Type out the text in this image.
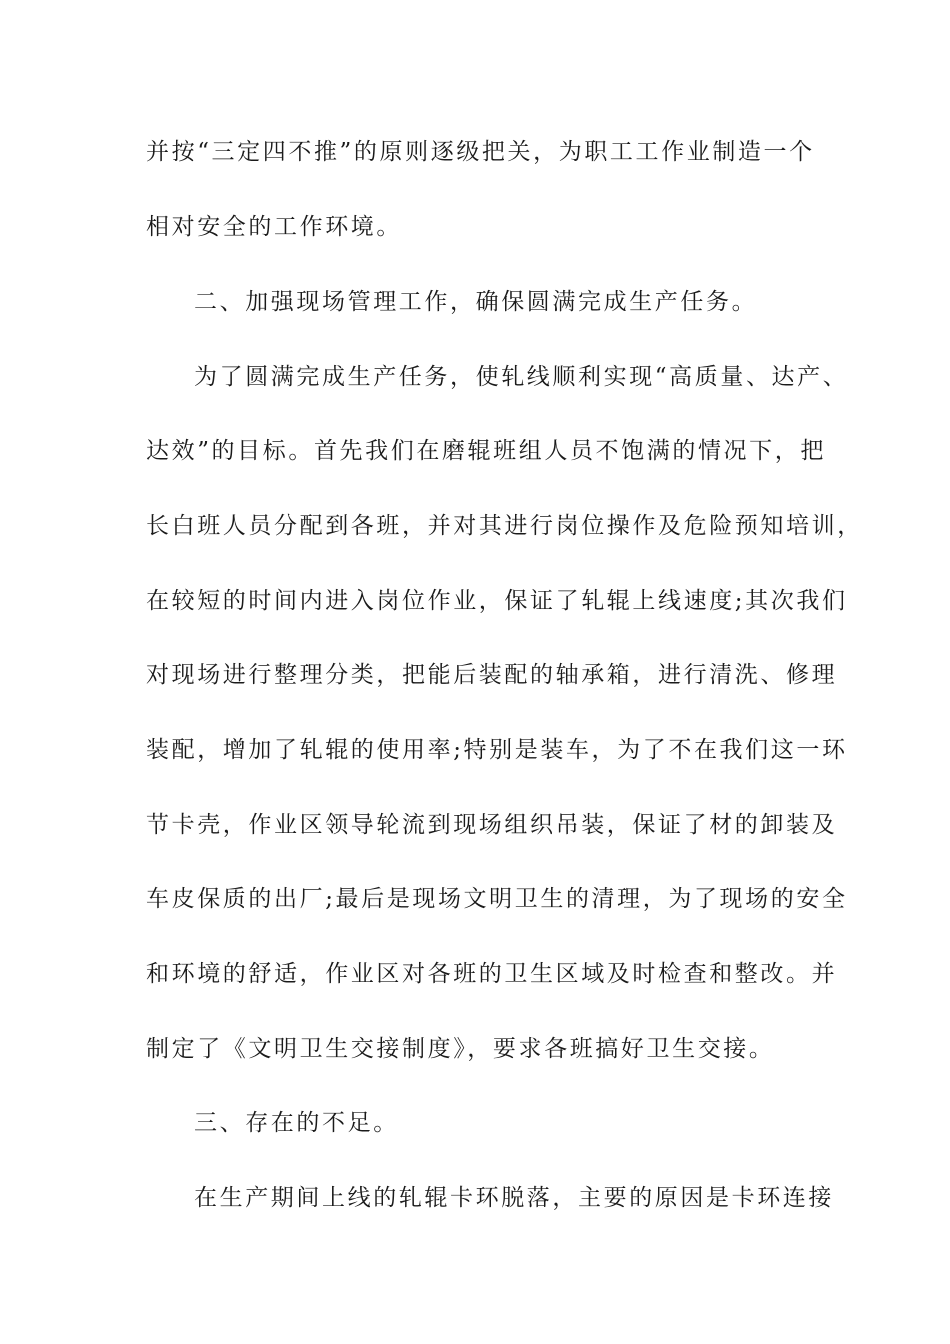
并按“三定四不推”的原则逐级把关，为职工工作业制造一个
相对安全的工作环境。
二、加强现场管理工作，确保圆满完成生产任务。
为了圆满完成生产任务，使轧线顺利实现“高质量、达产、
达效”的目标。首先我们在磨辊班组人员不饱满的情况下，把
长白班人员分配到各班，并对其进行岗位操作及危险预知培训，
在较短的时间内进入岗位作业，保证了轧辊上线速度;其次我们
对现场进行整理分类，把能后装配的轴承箱，进行清洗、修理
装配，增加了轧辊的使用率;特别是装车，为了不在我们这一环
节卡壳，作业区领导轮流到现场组织吊装，保证了材的卸装及
车皮保质的出厂;最后是现场文明卫生的清理，为了现场的安全
和环境的舒适，作业区对各班的卫生区域及时检查和整改。并
制定了《文明卫生交接制度》，要求各班搞好卫生交接。
三、存在的不足。
在生产期间上线的轧辊卡环脱落，主要的原因是卡环连接
